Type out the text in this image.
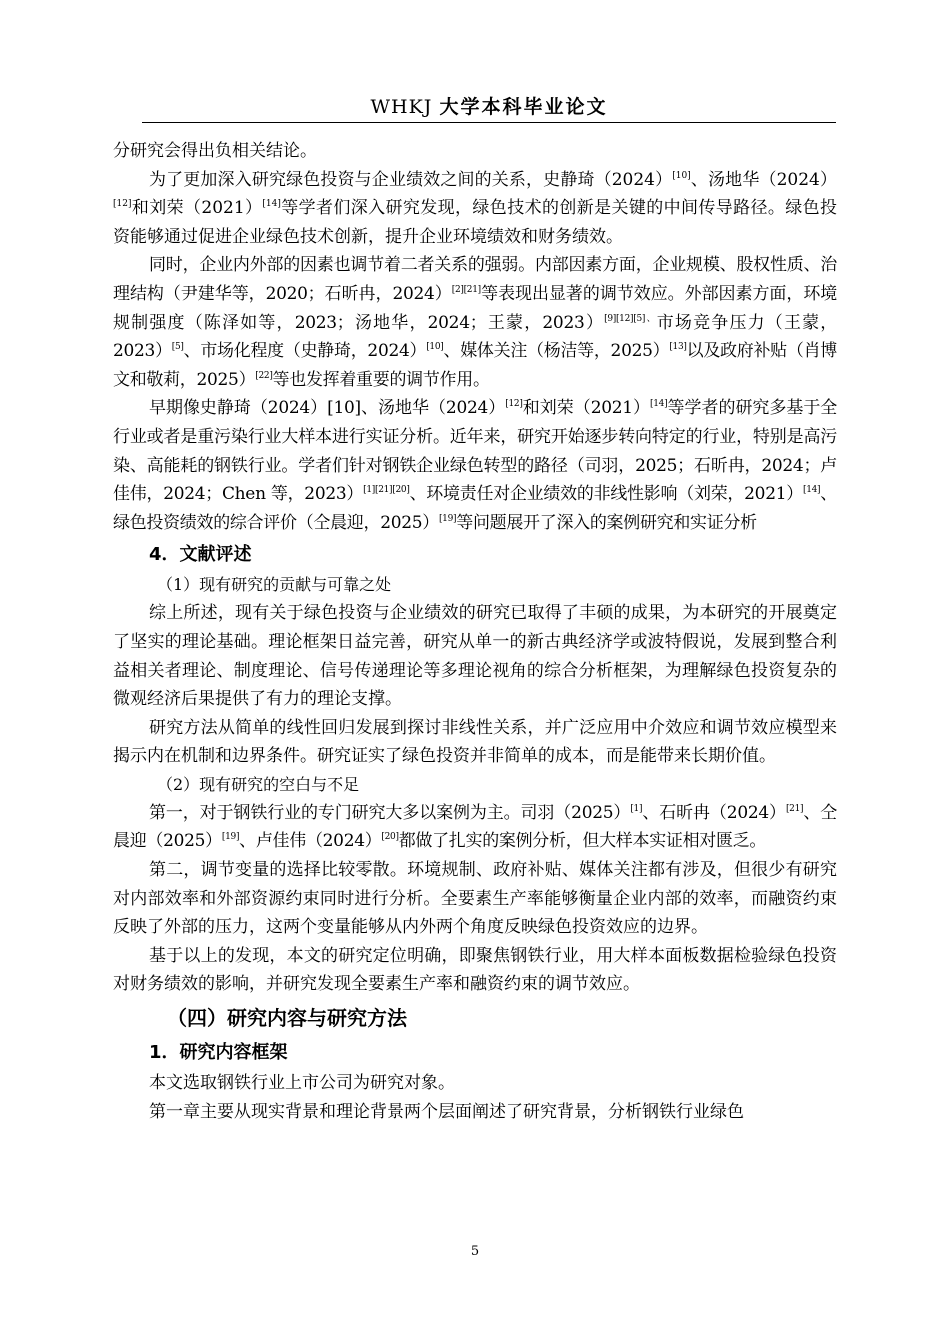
WHKJ 大学本科毕业论文

分研究会得出负相关结论。

为了更加深入研究绿色投资与企业绩效之间的关系，史静琦（2024）[10]、汤地华（2024）[12]和刘荣（2021）[14]等学者们深入研究发现，绿色技术的创新是关键的中间传导路径。绿色投资能够通过促进企业绿色技术创新，提升企业环境绩效和财务绩效。

同时，企业内外部的因素也调节着二者关系的强弱。内部因素方面，企业规模、股权性质、治理结构（尹建华等，2020；石昕冉，2024）[2][21]等表现出显著的调节效应。外部因素方面，环境规制强度（陈泽如等，2023；汤地华，2024；王蒙，2023）$^{[9][12][5]、}$市场竞争压力（王蒙，2023）[5]、市场化程度（史静琦，2024）[10]、媒体关注（杨洁等，2025）[13]以及政府补贴（肖博文和敬莉，2025）[22]等也发挥着重要的调节作用。

早期像史静琦（2024）[10]、汤地华（2024）[12]和刘荣（2021）[14]等学者的研究多基于全行业或者是重污染行业大样本进行实证分析。近年来，研究开始逐步转向特定的行业，特别是高污染、高能耗的钢铁行业。学者们针对钢铁企业绿色转型的路径（司羽，2025；石昕冉，2024；卢佳伟，2024；Chen 等，2023）[1][21][20]、环境责任对企业绩效的非线性影响（刘荣，2021）[14]、绿色投资绩效的综合评价（仝晨迎，2025）[19]等问题展开了深入的案例研究和实证分析

4．文献评述
（1）现有研究的贡献与可靠之处

综上所述，现有关于绿色投资与企业绩效的研究已取得了丰硕的成果，为本研究的开展奠定了坚实的理论基础。理论框架日益完善，研究从单一的新古典经济学或波特假说，发展到整合利益相关者理论、制度理论、信号传递理论等多理论视角的综合分析框架，为理解绿色投资复杂的微观经济后果提供了有力的理论支撑。

研究方法从简单的线性回归发展到探讨非线性关系，并广泛应用中介效应和调节效应模型来揭示内在机制和边界条件。研究证实了绿色投资并非简单的成本，而是能带来长期价值。

（2）现有研究的空白与不足

第一，对于钢铁行业的专门研究大多以案例为主。司羽（2025）[1]、石昕冉（2024）[21]、仝晨迎（2025）[19]、卢佳伟（2024）[20]都做了扎实的案例分析，但大样本实证相对匮乏。

第二，调节变量的选择比较零散。环境规制、政府补贴、媒体关注都有涉及，但很少有研究对内部效率和外部资源约束同时进行分析。全要素生产率能够衡量企业内部的效率，而融资约束反映了外部的压力，这两个变量能够从内外两个角度反映绿色投资效应的边界。

基于以上的发现，本文的研究定位明确，即聚焦钢铁行业，用大样本面板数据检验绿色投资对财务绩效的影响，并研究发现全要素生产率和融资约束的调节效应。

（四）研究内容与研究方法
1．研究内容框架

本文选取钢铁行业上市公司为研究对象。

第一章主要从现实背景和理论背景两个层面阐述了研究背景，分析钢铁行业绿色

5
